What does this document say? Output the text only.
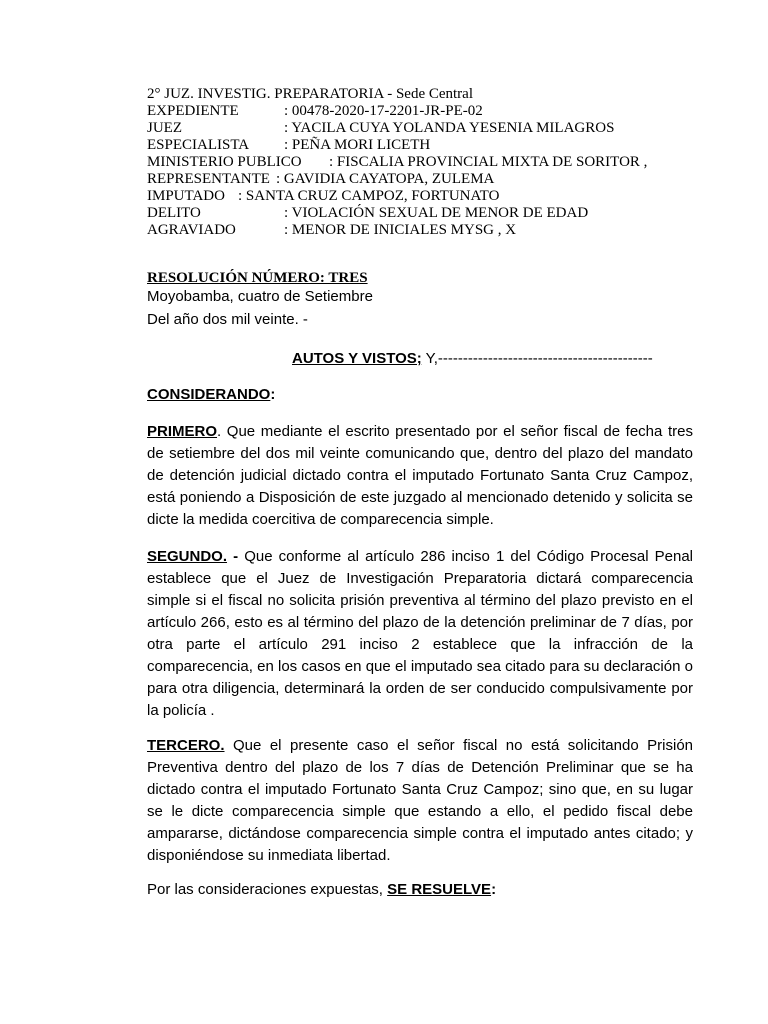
2° JUZ. INVESTIG. PREPARATORIA - Sede Central
EXPEDIENTE	: 00478-2020-17-2201-JR-PE-02
JUEZ	: YACILA CUYA YOLANDA YESENIA MILAGROS
ESPECIALISTA : PEÑA MORI LICETH
MINISTERIO PUBLICO : FISCALIA PROVINCIAL MIXTA DE SORITOR ,
REPRESENTANTE : GAVIDIA CAYATOPA, ZULEMA
IMPUTADO : SANTA CRUZ CAMPOZ, FORTUNATO
DELITO	: VIOLACIÓN SEXUAL DE MENOR DE EDAD
AGRAVIADO	: MENOR DE INICIALES MYSG , X
RESOLUCIÓN NÚMERO: TRES
Moyobamba, cuatro de Setiembre
Del año dos mil veinte. -
AUTOS Y VISTOS; Y,-------------------------------------------
CONSIDERANDO:
PRIMERO. Que mediante el escrito presentado por el señor fiscal de fecha tres de setiembre del dos mil veinte comunicando que, dentro del plazo del mandato de detención judicial dictado contra el imputado Fortunato Santa Cruz Campoz, está poniendo a Disposición de este juzgado al mencionado detenido y solicita se dicte la medida coercitiva de comparecencia simple.
SEGUNDO. - Que conforme al artículo 286 inciso 1 del Código Procesal Penal establece que el Juez de Investigación Preparatoria dictará comparecencia simple si el fiscal no solicita prisión preventiva al término del plazo previsto en el artículo 266, esto es al término del plazo de la detención preliminar de 7 días, por otra parte el artículo 291 inciso 2 establece que la infracción de la comparecencia, en los casos en que el imputado sea citado para su declaración o para otra diligencia, determinará la orden de ser conducido compulsivamente por la policía .
TERCERO. Que el presente caso el señor fiscal no está solicitando Prisión Preventiva dentro del plazo de los 7 días de Detención Preliminar que se ha dictado contra el imputado Fortunato Santa Cruz Campoz; sino que, en su lugar se le dicte comparecencia simple que estando a ello, el pedido fiscal debe ampararse, dictándose comparecencia simple contra el imputado antes citado; y disponiéndose su inmediata libertad.
Por las consideraciones expuestas, SE RESUELVE:
